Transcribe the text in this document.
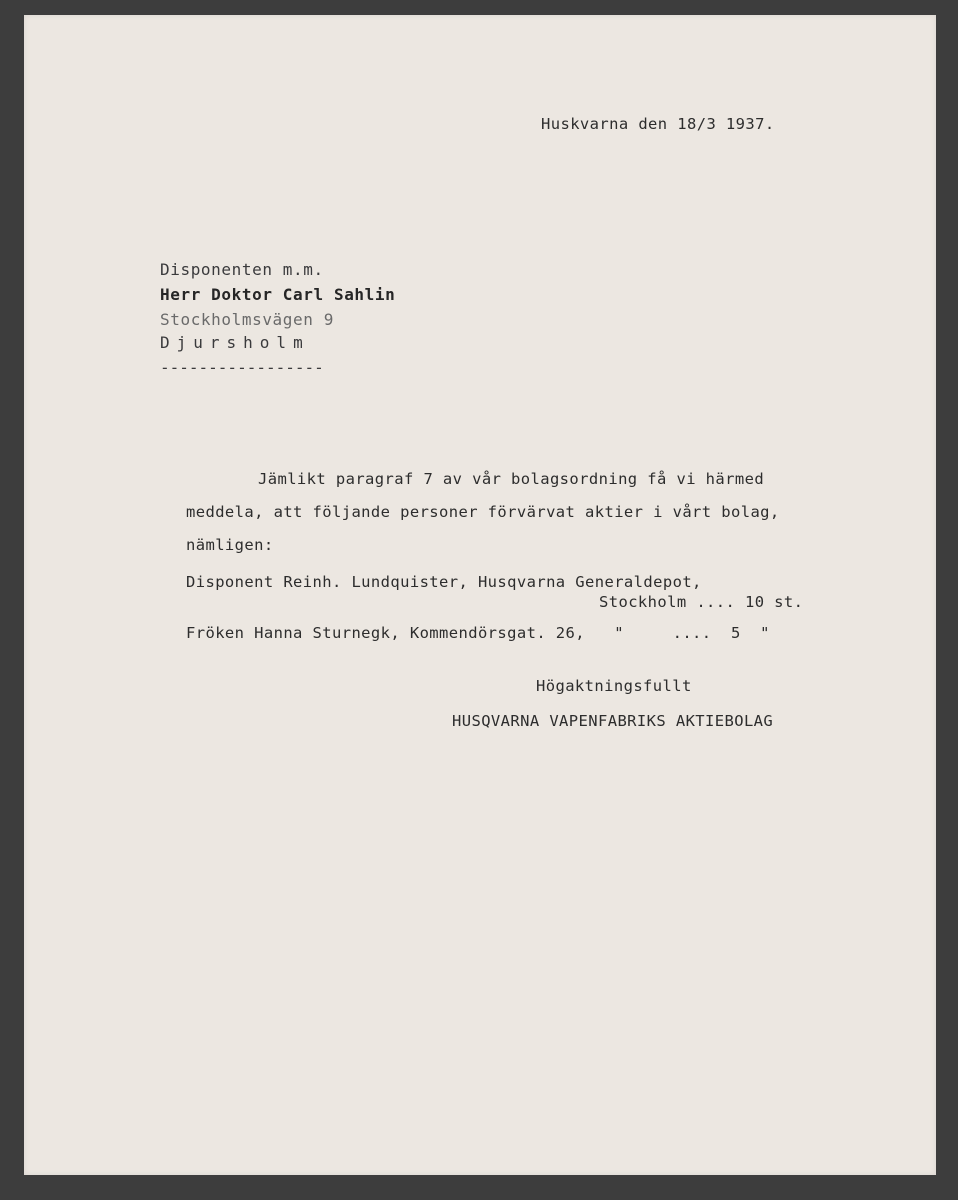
Huskvarna den 18/3 1937.
Disponenten m.m.
Herr Doktor Carl Sahlin
Stockholmsvägen 9
Djursholm
-----------------
Jämlikt paragraf 7 av vår bolagsordning få vi härmed
meddela, att följande personer förvärvat aktier i vårt bolag,
nämligen:
Disponent Reinh. Lundquister, Husqvarna Generaldepot,
Stockholm .... 10 st.
Fröken Hanna Sturnegk, Kommendörsgat. 26,   "     ....  5  "
Högaktningsfullt
HUSQVARNA VAPENFABRIKS AKTIEBOLAG
